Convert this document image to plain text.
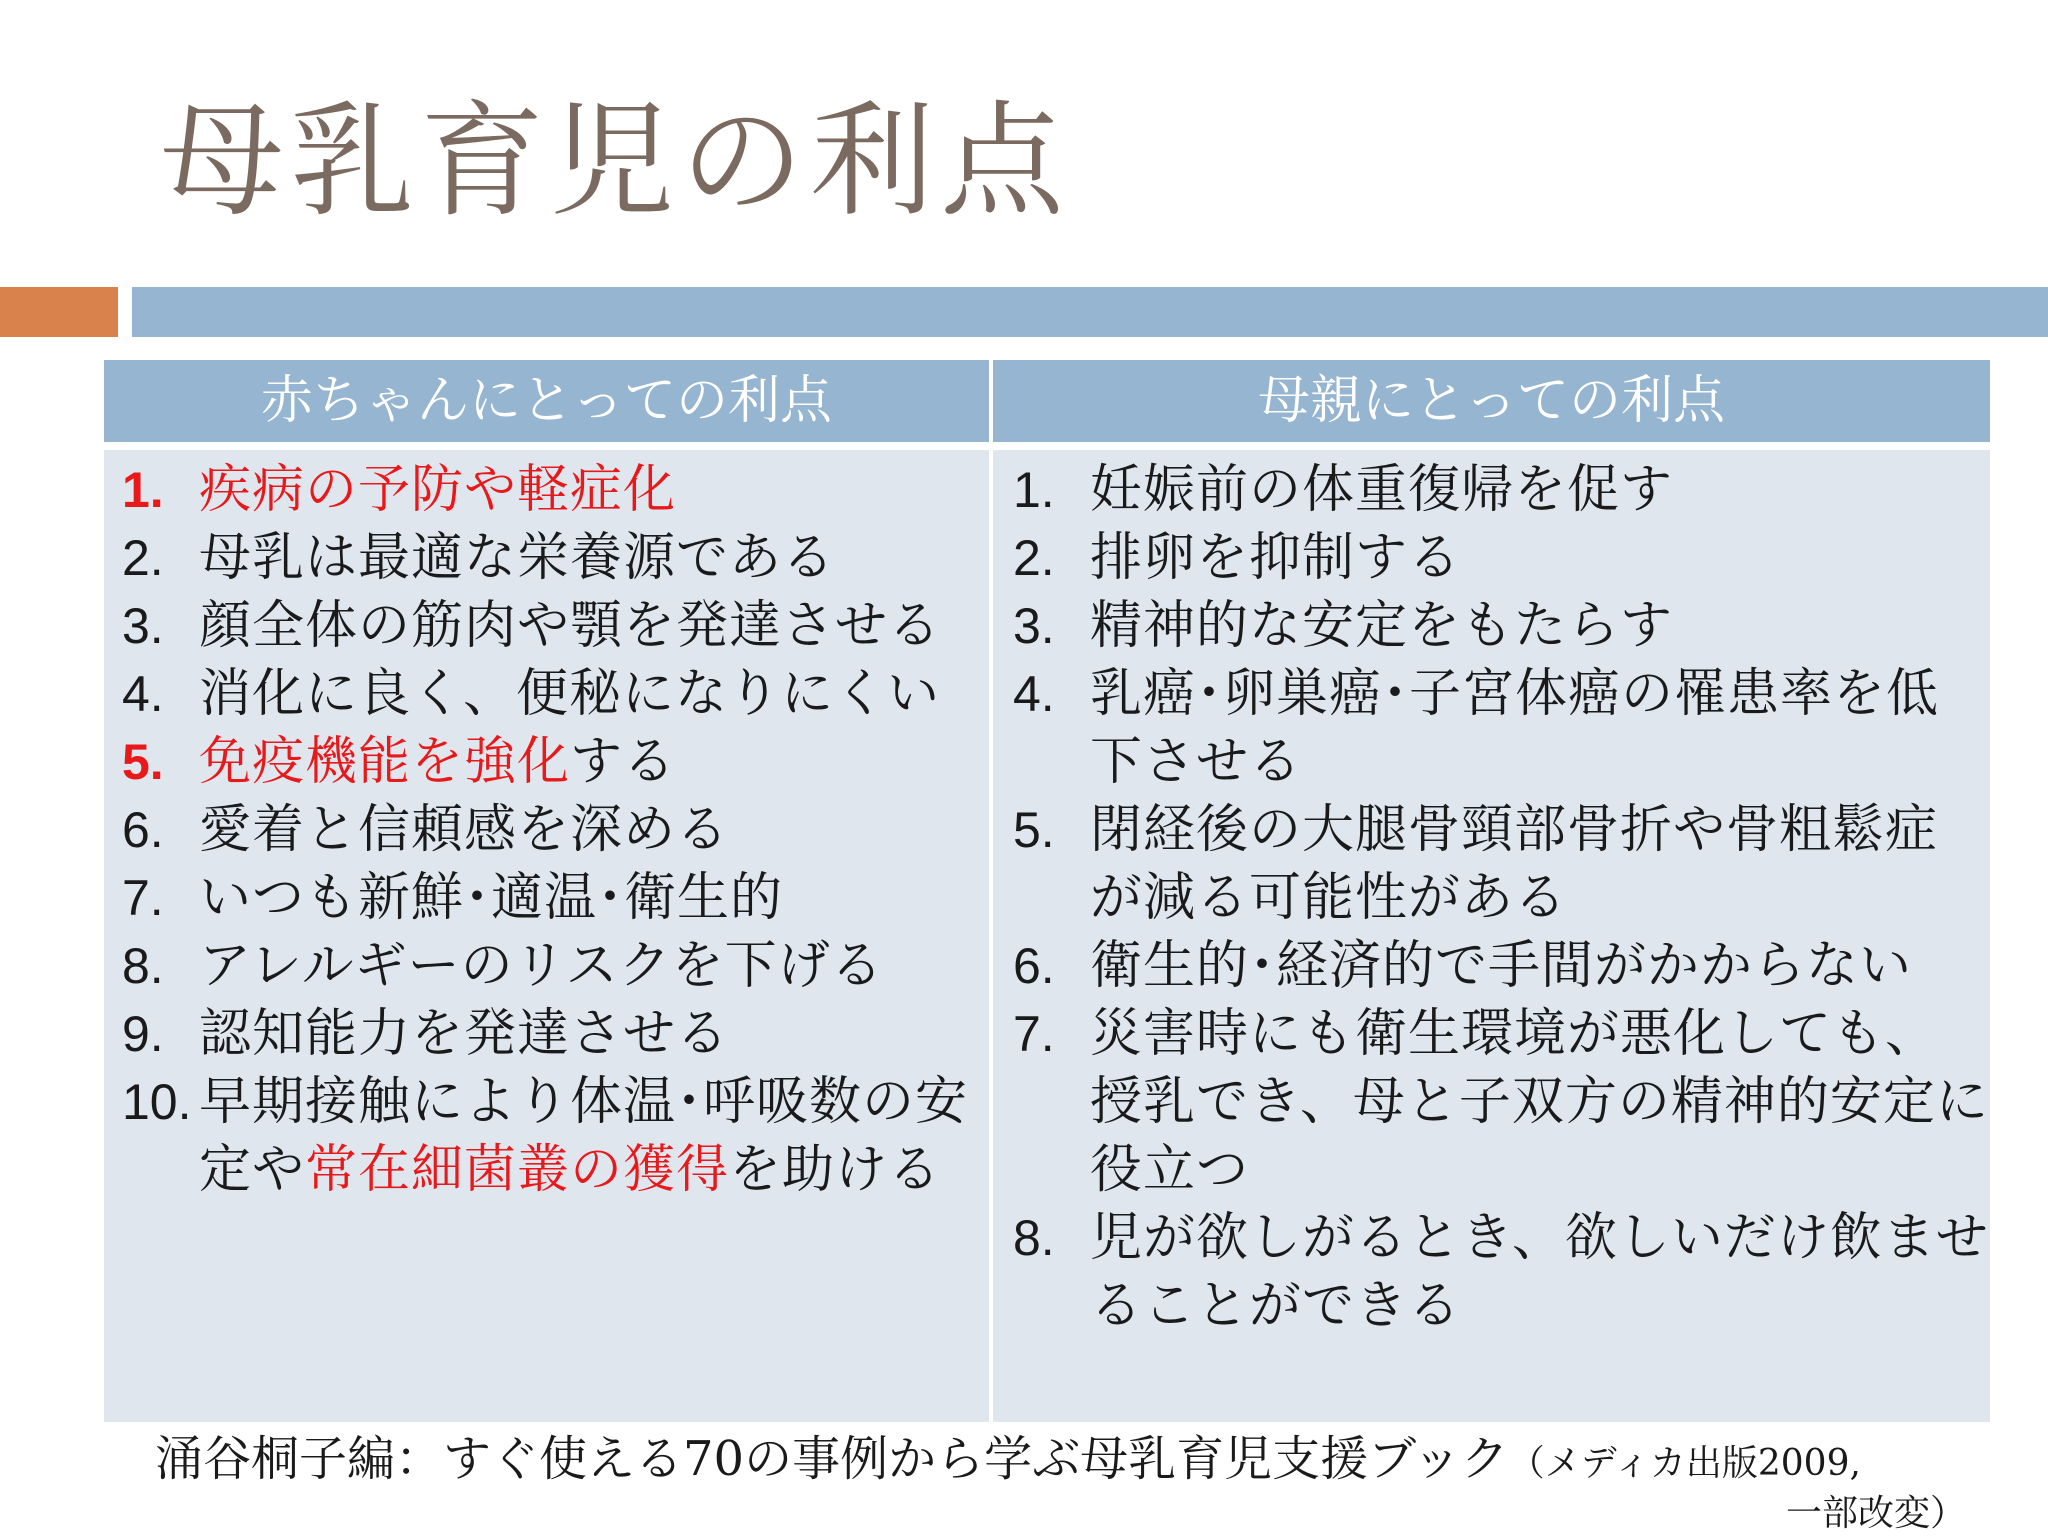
母乳育児の利点
赤ちゃんにとっての利点	母親にとっての利点
1. 疾病の予防や軽症化
2. 母乳は最適な栄養源である
3. 顔全体の筋肉や顎を発達させる
4. 消化に良く、便秘になりにくい
5. 免疫機能を強化する
6. 愛着と信頼感を深める
7. いつも新鮮･適温･衛生的
8. アレルギーのリスクを下げる
9. 認知能力を発達させる
10. 早期接触により体温･呼吸数の安定や常在細菌叢の獲得を助ける
1. 妊娠前の体重復帰を促す
2. 排卵を抑制する
3. 精神的な安定をもたらす
4. 乳癌･卵巣癌･子宮体癌の罹患率を低下させる
5. 閉経後の大腿骨頸部骨折や骨粗鬆症が減る可能性がある
6. 衛生的･経済的で手間がかからない
7. 災害時にも衛生環境が悪化しても、授乳でき、母と子双方の精神的安定に役立つ
8. 児が欲しがるとき、欲しいだけ飲ませることができる
涌谷桐子編：すぐ使える70の事例から学ぶ母乳育児支援ブック（メディカ出版2009,
一部改変）
